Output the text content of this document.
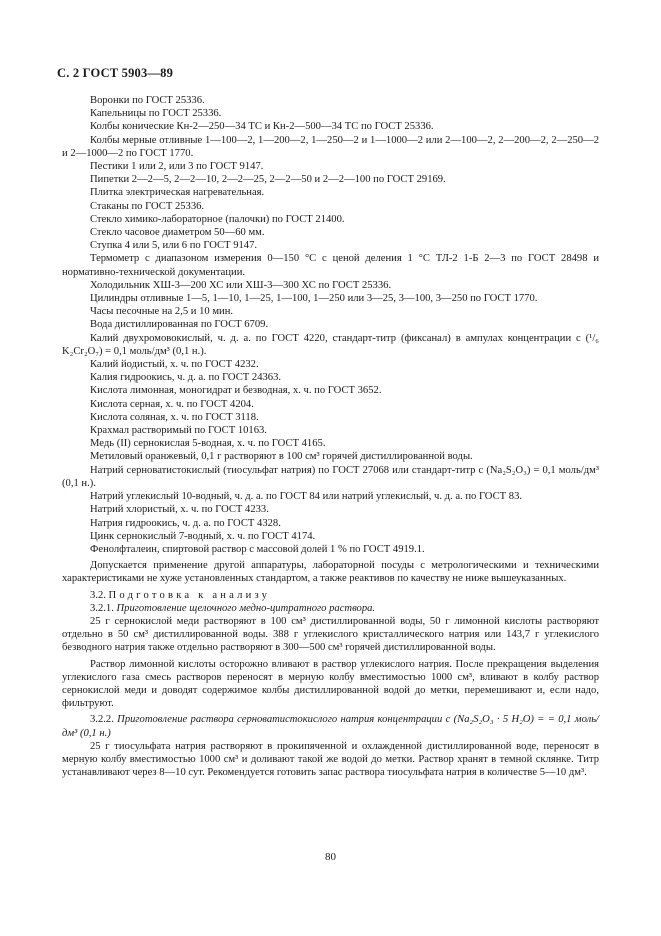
С. 2 ГОСТ 5903—89

Воронки по ГОСТ 25336.

Капельницы по ГОСТ 25336.

Колбы конические Кн-2—250—34 ТС и Кн-2—500—34 ТС по ГОСТ 25336.

Колбы мерные отливные 1—100—2, 1—200—2, 1—250—2 и 1—1000—2 или 2—100—2, 2—200—2, 2—250—2 и 2—1000—2 по ГОСТ 1770.

Пестики 1 или 2, или 3 по ГОСТ 9147.

Пипетки 2—2—5, 2—2—10, 2—2—25, 2—2—50 и 2—2—100 по ГОСТ 29169.

Плитка электрическая нагревательная.

Стаканы по ГОСТ 25336.

Стекло химико-лабораторное (палочки) по ГОСТ 21400.

Стекло часовое диаметром 50—60 мм.

Ступка 4 или 5, или 6 по ГОСТ 9147.

Термометр с диапазоном измерения 0—150 °С с ценой деления 1 °С ТЛ-2 1-Б 2—3 по ГОСТ 28498 и нормативно-технической документации.

Холодильник ХШ-3—200 ХС или ХШ-3—300 ХС по ГОСТ 25336.

Цилиндры отливные 1—5, 1—10, 1—25, 1—100, 1—250 или 3—25, 3—100, 3—250 по ГОСТ 1770.

Часы песочные на 2,5 и 10 мин.

Вода дистиллированная по ГОСТ 6709.

Калий двухромовокислый, ч. д. а. по ГОСТ 4220, стандарт-титр (фиксанал) в ампулах концентрации с (¹/₆ K₂Cr₂O₇) = 0,1 моль/дм³ (0,1 н.).

Калий йодистый, х. ч. по ГОСТ 4232.

Калия гидроокись, ч. д. а. по ГОСТ 24363.

Кислота лимонная, моногидрат и безводная, х. ч. по ГОСТ 3652.

Кислота серная, х. ч. по ГОСТ 4204.

Кислота соляная, х. ч. по ГОСТ 3118.

Крахмал растворимый по ГОСТ 10163.

Медь (II) сернокислая 5-водная, х. ч. по ГОСТ 4165.

Метиловый оранжевый, 0,1 г растворяют в 100 см³ горячей дистиллированной воды.

Натрий серноватистокислый (тиосульфат натрия) по ГОСТ 27068 или стандарт-титр с (Na₂S₂O₃) = 0,1 моль/дм³ (0,1 н.).

Натрий углекислый 10-водный, ч. д. а. по ГОСТ 84 или натрий углекислый, ч. д. а. по ГОСТ 83.

Натрий хлористый, х. ч. по ГОСТ 4233.

Натрия гидроокись, ч. д. а. по ГОСТ 4328.

Цинк сернокислый 7-водный, х. ч. по ГОСТ 4174.

Фенолфталеин, спиртовой раствор с массовой долей 1 % по ГОСТ 4919.1.

Допускается применение другой аппаратуры, лабораторной посуды с метрологическими и техническими характеристиками не хуже установленных стандартом, а также реактивов по качеству не ниже вышеуказанных.

3.2. Подготовка к анализу

3.2.1. Приготовление щелочного медно-цитратного раствора.

25 г сернокислой меди растворяют в 100 см³ дистиллированной воды, 50 г лимонной кислоты растворяют отдельно в 50 см³ дистиллированной воды. 388 г углекислого кристаллического натрия или 143,7 г углекислого безводного натрия также отдельно растворяют в 300—500 см³ горячей дистиллированной воды.

Раствор лимонной кислоты осторожно вливают в раствор углекислого натрия. После прекращения выделения углекислого газа смесь растворов переносят в мерную колбу вместимостью 1000 см³, вливают в колбу раствор сернокислой меди и доводят содержимое колбы дистиллированной водой до метки, перемешивают и, если надо, фильтруют.

3.2.2. Приготовление раствора серноватистокислого натрия концентрации с (Na₂S₂O₃ · 5 H₂O) = = 0,1 моль/дм³ (0,1 н.)

25 г тиосульфата натрия растворяют в прокипяченной и охлажденной дистиллированной воде, переносят в мерную колбу вместимостью 1000 см³ и доливают такой же водой до метки. Раствор хранят в темной склянке. Титр устанавливают через 8—10 сут. Рекомендуется готовить запас раствора тиосульфата натрия в количестве 5—10 дм³.

80
